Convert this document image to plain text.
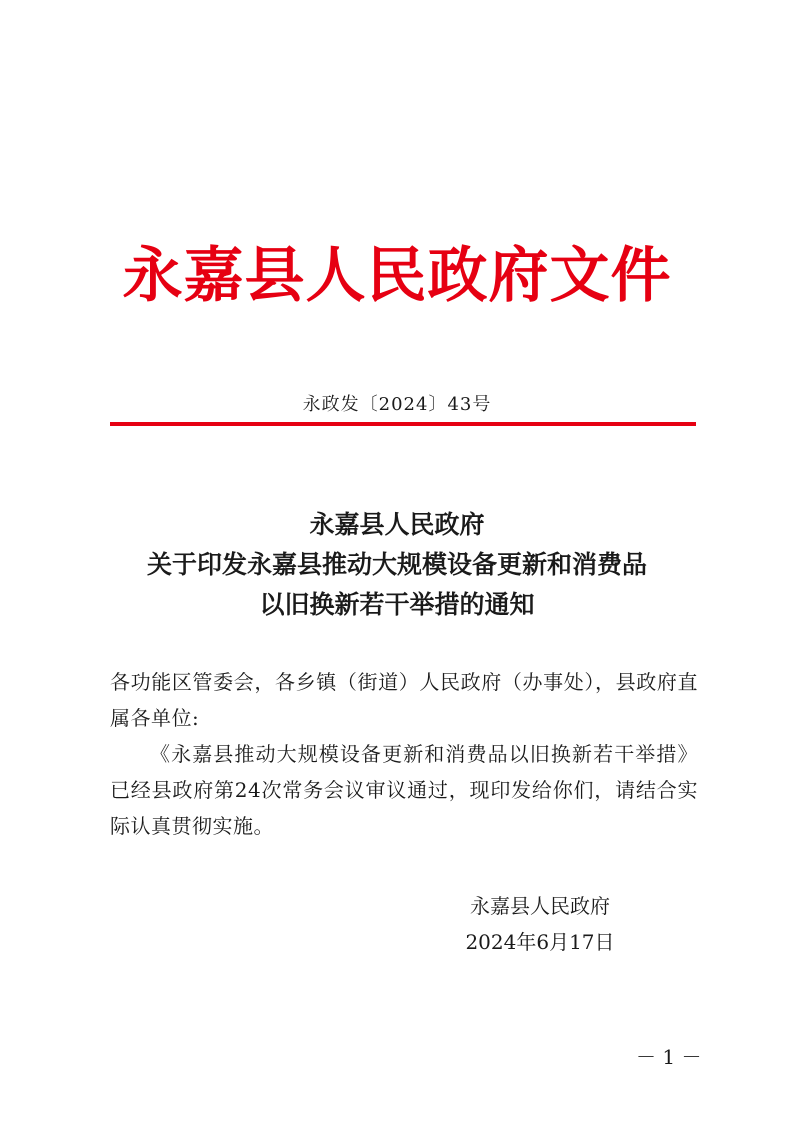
永嘉县人民政府文件
永政发〔2024〕43号
永嘉县人民政府
关于印发永嘉县推动大规模设备更新和消费品
以旧换新若干举措的通知

各功能区管委会，各乡镇（街道）人民政府（办事处），县政府直属各单位:

《永嘉县推动大规模设备更新和消费品以旧换新若干举措》已经县政府第24次常务会议审议通过，现印发给你们，请结合实际认真贯彻实施。

永嘉县人民政府
2024年6月17日
－ 1 －
